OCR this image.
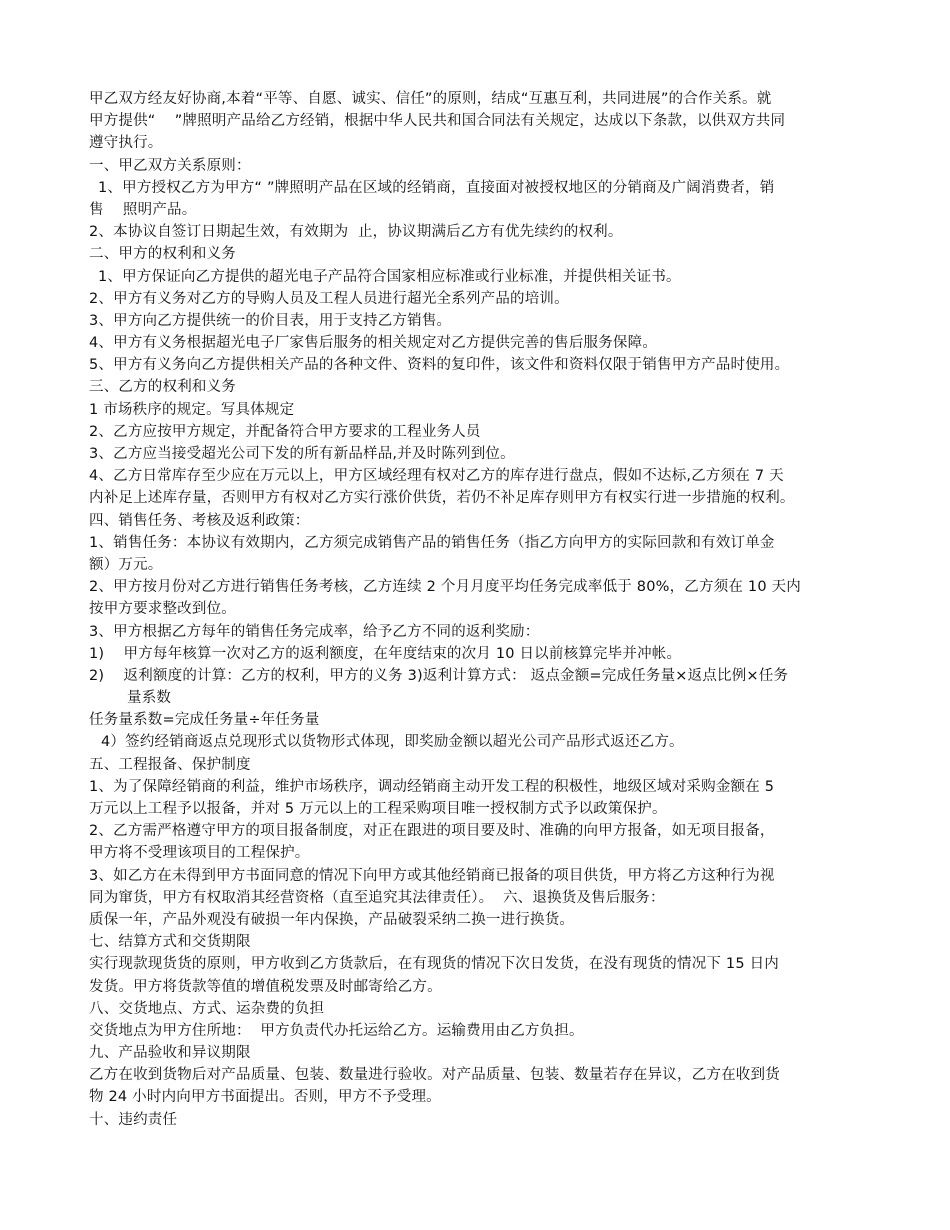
甲乙双方经友好协商,本着“平等、自愿、诚实、信任”的原则，结成“互惠互利，共同进展”的合作关系。就
甲方提供“    ”牌照明产品给乙方经销，根据中华人民共和国合同法有关规定，达成以下条款，以供双方共同
遵守执行。
一、甲乙双方关系原则：
1、甲方授权乙方为甲方“ ”牌照明产品在区域的经销商，直接面对被授权地区的分销商及广阔消费者，销
售    照明产品。
2、本协议自签订日期起生效，有效期为  止，协议期满后乙方有优先续约的权利。
二、甲方的权利和义务
1、甲方保证向乙方提供的超光电子产品符合国家相应标准或行业标准，并提供相关证书。
2、甲方有义务对乙方的导购人员及工程人员进行超光全系列产品的培训。
3、甲方向乙方提供统一的价目表，用于支持乙方销售。
4、甲方有义务根据超光电子厂家售后服务的相关规定对乙方提供完善的售后服务保障。
5、甲方有义务向乙方提供相关产品的各种文件、资料的复印件，该文件和资料仅限于销售甲方产品时使用。
三、乙方的权利和义务
1 市场秩序的规定。写具体规定
2、乙方应按甲方规定，并配备符合甲方要求的工程业务人员
3、乙方应当接受超光公司下发的所有新品样品,并及时陈列到位。
4、乙方日常库存至少应在万元以上，甲方区域经理有权对乙方的库存进行盘点，假如不达标,乙方须在 7 天
内补足上述库存量，否则甲方有权对乙方实行涨价供货，若仍不补足库存则甲方有权实行进一步措施的权利。
四、销售任务、考核及返利政策：
1、销售任务：本协议有效期内，乙方须完成销售产品的销售任务（指乙方向甲方的实际回款和有效订单金
额）万元。
2、甲方按月份对乙方进行销售任务考核，乙方连续 2 个月月度平均任务完成率低于 80%，乙方须在 10 天内
按甲方要求整改到位。
3、甲方根据乙方每年的销售任务完成率，给予乙方不同的返利奖励：
1)    甲方每年核算一次对乙方的返利额度，在年度结束的次月 10 日以前核算完毕并冲帐。
2)    返利额度的计算：乙方的权利，甲方的义务 3)返利计算方式： 返点金额=完成任务量×返点比例×任务
量系数
任务量系数=完成任务量÷年任务量
4）签约经销商返点兑现形式以货物形式体现，即奖励金额以超光公司产品形式返还乙方。
五、工程报备、保护制度
1、为了保障经销商的利益，维护市场秩序，调动经销商主动开发工程的积极性，地级区域对采购金额在 5
万元以上工程予以报备，并对 5 万元以上的工程采购项目唯一授权制方式予以政策保护。
2、乙方需严格遵守甲方的项目报备制度，对正在跟进的项目要及时、准确的向甲方报备，如无项目报备，
甲方将不受理该项目的工程保护。
3、如乙方在未得到甲方书面同意的情况下向甲方或其他经销商已报备的项目供货，甲方将乙方这种行为视
同为窜货，甲方有权取消其经营资格（直至追究其法律责任）。  六、退换货及售后服务：
质保一年，产品外观没有破损一年内保换，产品破裂采纳二换一进行换货。
七、结算方式和交货期限
实行现款现货货的原则，甲方收到乙方货款后，在有现货的情况下次日发货，在没有现货的情况下 15 日内
发货。甲方将货款等值的增值税发票及时邮寄给乙方。
八、交货地点、方式、运杂费的负担
交货地点为甲方住所地：  甲方负责代办托运给乙方。运输费用由乙方负担。
九、产品验收和异议期限
乙方在收到货物后对产品质量、包装、数量进行验收。对产品质量、包装、数量若存在异议，乙方在收到货
物 24 小时内向甲方书面提出。否则，甲方不予受理。
十、违约责任
